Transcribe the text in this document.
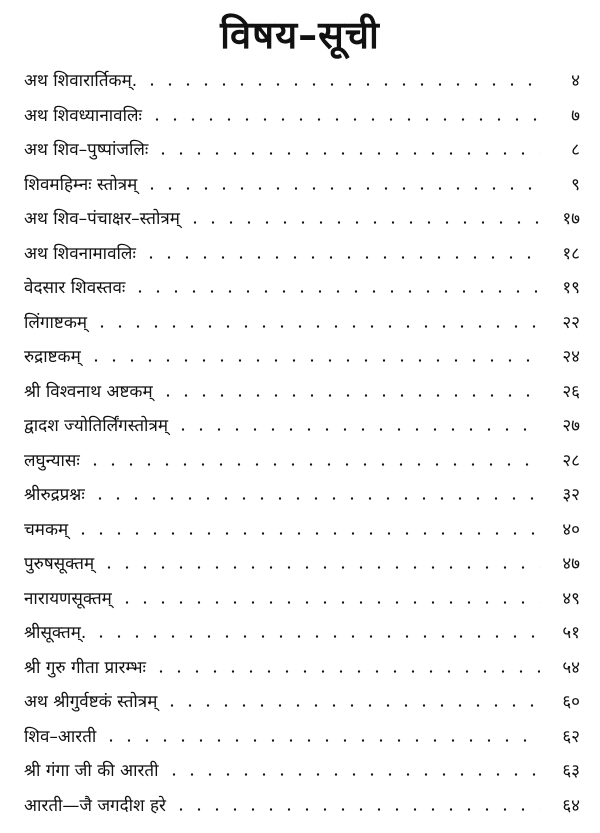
विषय–सूची
अथ शिवारार्तिकम्.	४
अथ शिवध्यानावलिः	७
अथ शिव–पुष्पांजलिः	८
शिवमहिम्नः स्तोत्रम्	९
अथ शिव–पंचाक्षर–स्तोत्रम्	१७
अथ शिवनामावलिः	१८
वेदसार शिवस्तवः	१९
लिंगाष्टकम्	२२
रुद्राष्टकम्	२४
श्री विश्वनाथ अष्टकम्	२६
द्वादश ज्योतिर्लिंगस्तोत्रम्	२७
लघुन्यासः	२८
श्रीरुद्रप्रश्नः	३२
चमकम्	४०
पुरुषसूक्तम्	४७
नारायणसूक्तम्	४९
श्रीसूक्तम्.	५१
श्री गुरु गीता प्रारम्भः	५४
अथ श्रीगुर्वष्टकं स्तोत्रम्	६०
शिव–आरती	६२
श्री गंगा जी की आरती	६३
आरती—जै जगदीश हरे	६४
